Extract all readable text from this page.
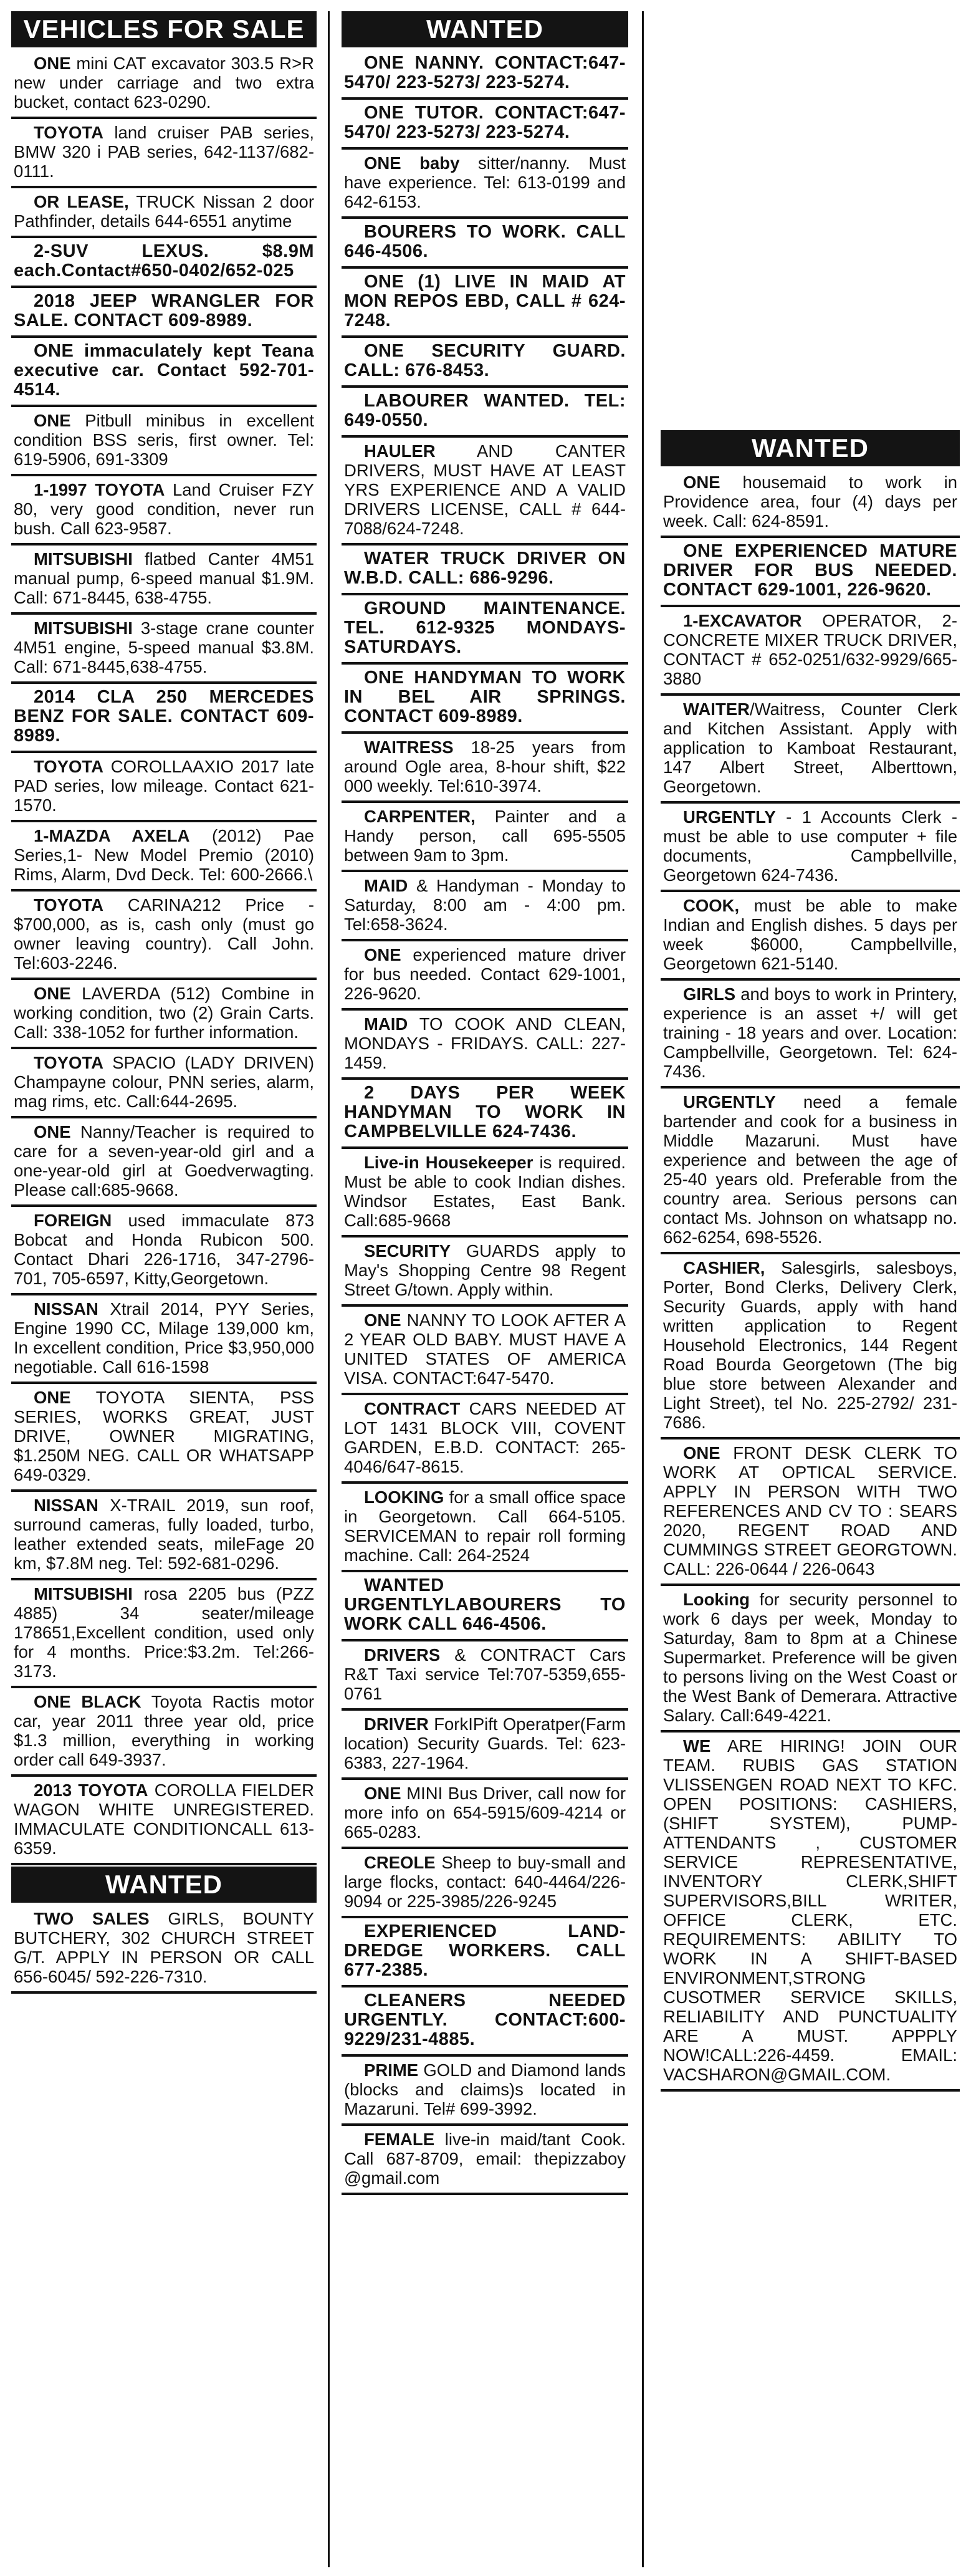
VEHICLES FOR SALE

ONE mini CAT excavator 303.5 R>R new under carriage and two extra bucket, contact 623-0290.

TOYOTA land cruiser PAB series, BMW 320 i PAB series, 642-1137/682-0111.

OR LEASE, TRUCK Nissan 2 door Pathfinder, details 644-6551 anytime

2-SUV LEXUS. $8.9M each.Contact#650-0402/652-025

2018 JEEP WRANGLER FOR SALE. CONTACT 609-8989.

ONE immaculately kept Teana executive car. Contact 592-701-4514.

ONE Pitbull minibus in excellent condition BSS seris, first owner. Tel: 619-5906, 691-3309

1-1997 TOYOTA Land Cruiser FZY 80, very good condition, never run bush. Call 623-9587.

MITSUBISHI flatbed Canter 4M51 manual pump, 6-speed manual $1.9M. Call: 671-8445, 638-4755.

MITSUBISHI 3-stage crane counter 4M51 engine, 5-speed manual $3.8M. Call: 671-8445,638-4755.

2014 CLA 250 MERCEDES BENZ FOR SALE. CONTACT 609-8989.

TOYOTA COROLLAAXIO 2017 late PAD series, low mileage. Contact 621-1570.

1-MAZDA AXELA (2012) Pae Series,1- New Model Premio (2010) Rims, Alarm, Dvd Deck. Tel: 600-2666.\

TOYOTA CARINA212 Price - $700,000, as is, cash only (must go owner leaving country). Call John. Tel:603-2246.

ONE LAVERDA (512) Combine in working condition, two (2) Grain Carts. Call: 338-1052 for further information.

TOYOTA SPACIO (LADY DRIVEN) Champayne colour, PNN series, alarm, mag rims, etc. Call:644-2695.

ONE Nanny/Teacher is required to care for a seven-year-old girl and a one-year-old girl at Goedverwagting. Please call:685-9668.

FOREIGN used immaculate 873 Bobcat and Honda Rubicon 500. Contact Dhari 226-1716, 347-2796-701, 705-6597, Kitty,Georgetown.

NISSAN Xtrail 2014, PYY Series, Engine 1990 CC, Milage 139,000 km, In excellent condition, Price $3,950,000 negotiable. Call 616-1598

ONE TOYOTA SIENTA, PSS SERIES, WORKS GREAT, JUST DRIVE, OWNER MIGRATING, $1.250M NEG. CALL OR WHATSAPP 649-0329.

NISSAN X-TRAIL 2019, sun roof, surround cameras, fully loaded, turbo, leather extended seats, mileFage 20 km, $7.8M neg. Tel: 592-681-0296.

MITSUBISHI rosa 2205 bus (PZZ 4885) 34 seater/mileage 178651,Excellent condition, used only for 4 months. Price:$3.2m. Tel:266-3173.

ONE BLACK Toyota Ractis motor car, year 2011 three year old, price $1.3 million, everything in working order call 649-3937.

2013 TOYOTA COROLLA FIELDER WAGON WHITE UNREGISTERED. IMMACULATE CONDITIONCALL 613-6359.

WANTED

TWO SALES GIRLS, BOUNTY BUTCHERY, 302 CHURCH STREET G/T. APPLY IN PERSON OR CALL 656-6045/ 592-226-7310.

WANTED

ONE NANNY. CONTACT:647-5470/ 223-5273/ 223-5274.

ONE TUTOR. CONTACT:647-5470/ 223-5273/ 223-5274.

ONE baby sitter/nanny. Must have experience. Tel: 613-0199 and 642-6153.

BOURERS TO WORK. CALL 646-4506.

ONE (1) LIVE IN MAID AT MON REPOS EBD, CALL # 624-7248.

ONE SECURITY GUARD. CALL: 676-8453.

LABOURER WANTED. TEL: 649-0550.

HAULER AND CANTER DRIVERS, MUST HAVE AT LEAST YRS EXPERIENCE AND A VALID DRIVERS LICENSE, CALL # 644-7088/624-7248.

WATER TRUCK DRIVER ON W.B.D. CALL: 686-9296.

GROUND MAINTENANCE. TEL. 612-9325 MONDAYS-SATURDAYS.

ONE HANDYMAN TO WORK IN BEL AIR SPRINGS. CONTACT 609-8989.

WAITRESS 18-25 years from around Ogle area, 8-hour shift, $22 000 weekly. Tel:610-3974.

CARPENTER, Painter and a Handy person, call 695-5505 between 9am to 3pm.

MAID & Handyman - Monday to Saturday, 8:00 am - 4:00 pm. Tel:658-3624.

ONE experienced mature driver for bus needed. Contact 629-1001, 226-9620.

MAID TO COOK AND CLEAN, MONDAYS - FRIDAYS. CALL: 227-1459.

2 DAYS PER WEEK HANDYMAN TO WORK IN CAMPBELVILLE 624-7436.

Live-in Housekeeper is required. Must be able to cook Indian dishes. Windsor Estates, East Bank. Call:685-9668

SECURITY GUARDS apply to May's Shopping Centre 98 Regent Street G/town. Apply within.

ONE NANNY TO LOOK AFTER A 2 YEAR OLD BABY. MUST HAVE A UNITED STATES OF AMERICA VISA. CONTACT:647-5470.

CONTRACT CARS NEEDED AT LOT 1431 BLOCK VIII, COVENT GARDEN, E.B.D. CONTACT: 265-4046/647-8615.

LOOKING for a small office space in Georgetown. Call 664-5105. SERVICEMAN to repair roll forming machine. Call: 264-2524

WANTED URGENTLYLABOURERS TO WORK CALL 646-4506.

DRIVERS & CONTRACT Cars R&T Taxi service Tel:707-5359,655-0761

DRIVER ForkIPift Operatper(Farm location) Security Guards. Tel: 623-6383, 227-1964.

ONE MINI Bus Driver, call now for more info on 654-5915/609-4214 or 665-0283.

CREOLE Sheep to buy-small and large flocks, contact: 640-4464/226-9094 or 225-3985/226-9245

EXPERIENCED LAND-DREDGE WORKERS. CALL 677-2385.

CLEANERS NEEDED URGENTLY. CONTACT:600-9229/231-4885.

PRIME GOLD and Diamond lands (blocks and claims)s located in Mazaruni. Tel# 699-3992.

FEMALE live-in maid/tant Cook. Call 687-8709, email: thepizzaboy @gmail.com

WANTED

ONE housemaid to work in Providence area, four (4) days per week. Call: 624-8591.

ONE EXPERIENCED MATURE DRIVER FOR BUS NEEDED. CONTACT 629-1001, 226-9620.

1-EXCAVATOR OPERATOR, 2- CONCRETE MIXER TRUCK DRIVER, CONTACT # 652-0251/632-9929/665-3880

WAITER/Waitress, Counter Clerk and Kitchen Assistant. Apply with application to Kamboat Restaurant, 147 Albert Street, Alberttown, Georgetown.

URGENTLY - 1 Accounts Clerk - must be able to use computer + file documents, Campbellville, Georgetown 624-7436.

COOK, must be able to make Indian and English dishes. 5 days per week $6000, Campbellville, Georgetown 621-5140.

GIRLS and boys to work in Printery, experience is an asset +/ will get training - 18 years and over. Location: Campbellville, Georgetown. Tel: 624-7436.

URGENTLY need a female bartender and cook for a business in Middle Mazaruni. Must have experience and between the age of 25-40 years old. Preferable from the country area. Serious persons can contact Ms. Johnson on whatsapp no. 662-6254, 698-5526.

CASHIER, Salesgirls, salesboys, Porter, Bond Clerks, Delivery Clerk, Security Guards, apply with hand written application to Regent Household Electronics, 144 Regent Road Bourda Georgetown (The big blue store between Alexander and Light Street), tel No. 225-2792/ 231-7686.

ONE FRONT DESK CLERK TO WORK AT OPTICAL SERVICE. APPLY IN PERSON WITH TWO REFERENCES AND CV TO : SEARS 2020, REGENT ROAD AND CUMMINGS STREET GEORGTOWN. CALL: 226-0644 / 226-0643

Looking for security personnel to work 6 days per week, Monday to Saturday, 8am to 8pm at a Chinese Supermarket. Preference will be given to persons living on the West Coast or the West Bank of Demerara. Attractive Salary. Call:649-4221.

WE ARE HIRING! JOIN OUR TEAM. RUBIS GAS STATION VLISSENGEN ROAD NEXT TO KFC. OPEN POSITIONS: CASHIERS, (SHIFT SYSTEM), PUMP-ATTENDANTS , CUSTOMER SERVICE REPRESENTATIVE, INVENTORY CLERK,SHIFT SUPERVISORS,BILL WRITER, OFFICE CLERK, ETC. REQUIREMENTS: ABILITY TO WORK IN A SHIFT-BASED ENVIRONMENT,STRONG CUSOTMER SERVICE SKILLS, RELIABILITY AND PUNCTUALITY ARE A MUST. APPPLY NOW!CALL:226-4459. EMAIL: VACSHARON@GMAIL.COM.
